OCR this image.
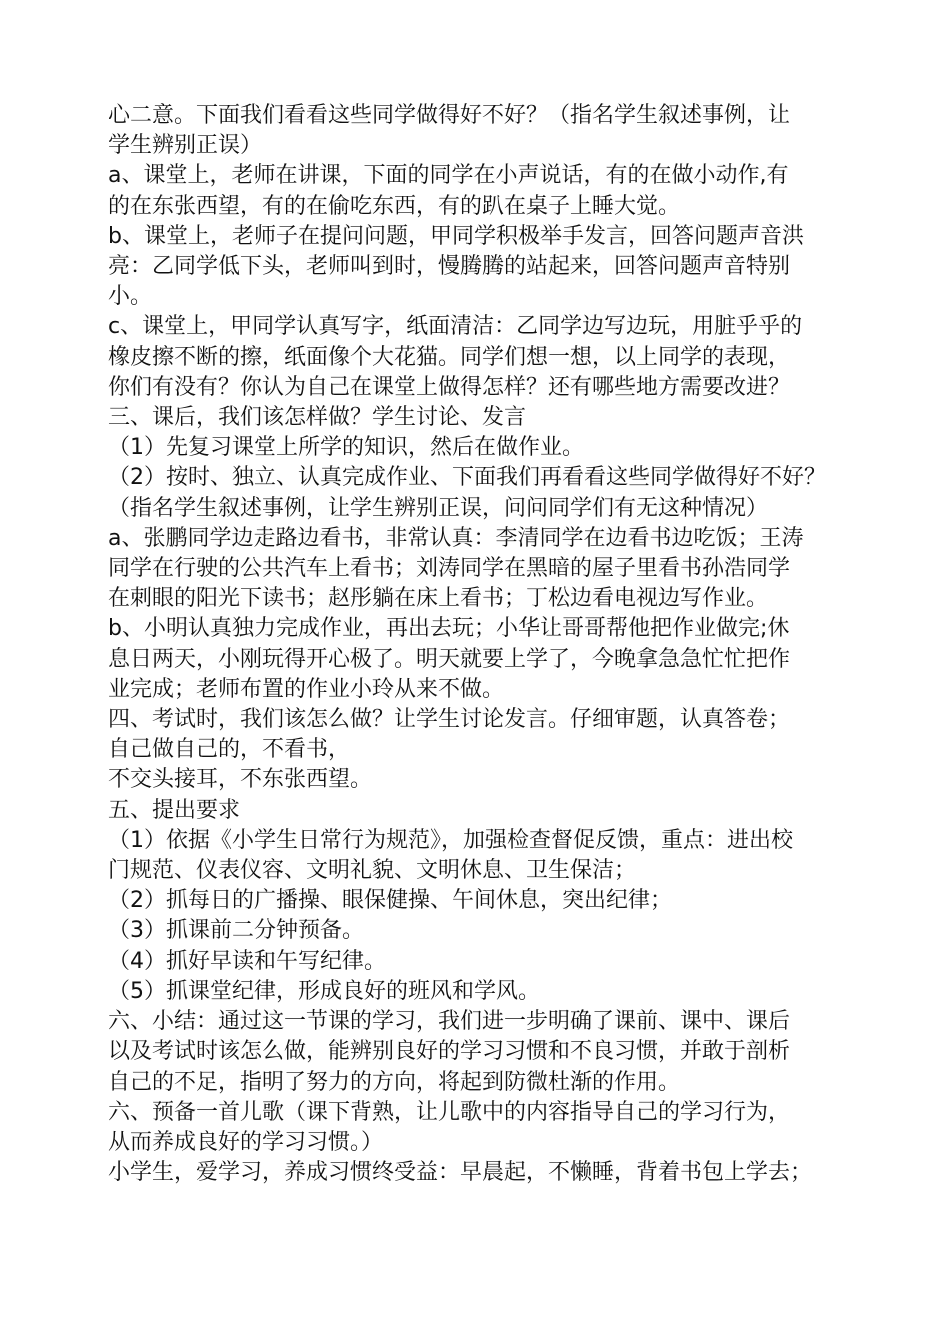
心二意。下面我们看看这些同学做得好不好？（指名学生叙述事例，让
学生辨别正误）
a、课堂上，老师在讲课，下面的同学在小声说话，有的在做小动作,有
的在东张西望，有的在偷吃东西，有的趴在桌子上睡大觉。
b、课堂上，老师子在提问问题，甲同学积极举手发言，回答问题声音洪
亮：乙同学低下头，老师叫到时，慢腾腾的站起来，回答问题声音特别
小。
c、课堂上，甲同学认真写字，纸面清洁：乙同学边写边玩，用脏乎乎的
橡皮擦不断的擦，纸面像个大花猫。同学们想一想，以上同学的表现，
你们有没有？你认为自己在课堂上做得怎样？还有哪些地方需要改进？
三、课后，我们该怎样做？学生讨论、发言
（1）先复习课堂上所学的知识，然后在做作业。
（2）按时、独立、认真完成作业、下面我们再看看这些同学做得好不好？
（指名学生叙述事例，让学生辨别正误，问问同学们有无这种情况）
a、张鹏同学边走路边看书，非常认真：李清同学在边看书边吃饭；王涛
同学在行驶的公共汽车上看书；刘涛同学在黑暗的屋子里看书孙浩同学
在刺眼的阳光下读书；赵彤躺在床上看书；丁松边看电视边写作业。
b、小明认真独力完成作业，再出去玩；小华让哥哥帮他把作业做完;休
息日两天，小刚玩得开心极了。明天就要上学了，今晚拿急急忙忙把作
业完成；老师布置的作业小玲从来不做。
四、考试时，我们该怎么做？让学生讨论发言。仔细审题，认真答卷；
自己做自己的，不看书，
不交头接耳，不东张西望。
五、提出要求
（1）依据《小学生日常行为规范》，加强检查督促反馈，重点：进出校
门规范、仪表仪容、文明礼貌、文明休息、卫生保洁；
（2）抓每日的广播操、眼保健操、午间休息，突出纪律；
（3）抓课前二分钟预备。
（4）抓好早读和午写纪律。
（5）抓课堂纪律，形成良好的班风和学风。
六、小结：通过这一节课的学习，我们进一步明确了课前、课中、课后
以及考试时该怎么做，能辨别良好的学习习惯和不良习惯，并敢于剖析
自己的不足，指明了努力的方向，将起到防微杜渐的作用。
六、预备一首儿歌（课下背熟，让儿歌中的内容指导自己的学习行为，
从而养成良好的学习习惯。）
小学生，爱学习，养成习惯终受益：早晨起，不懒睡，背着书包上学去；
